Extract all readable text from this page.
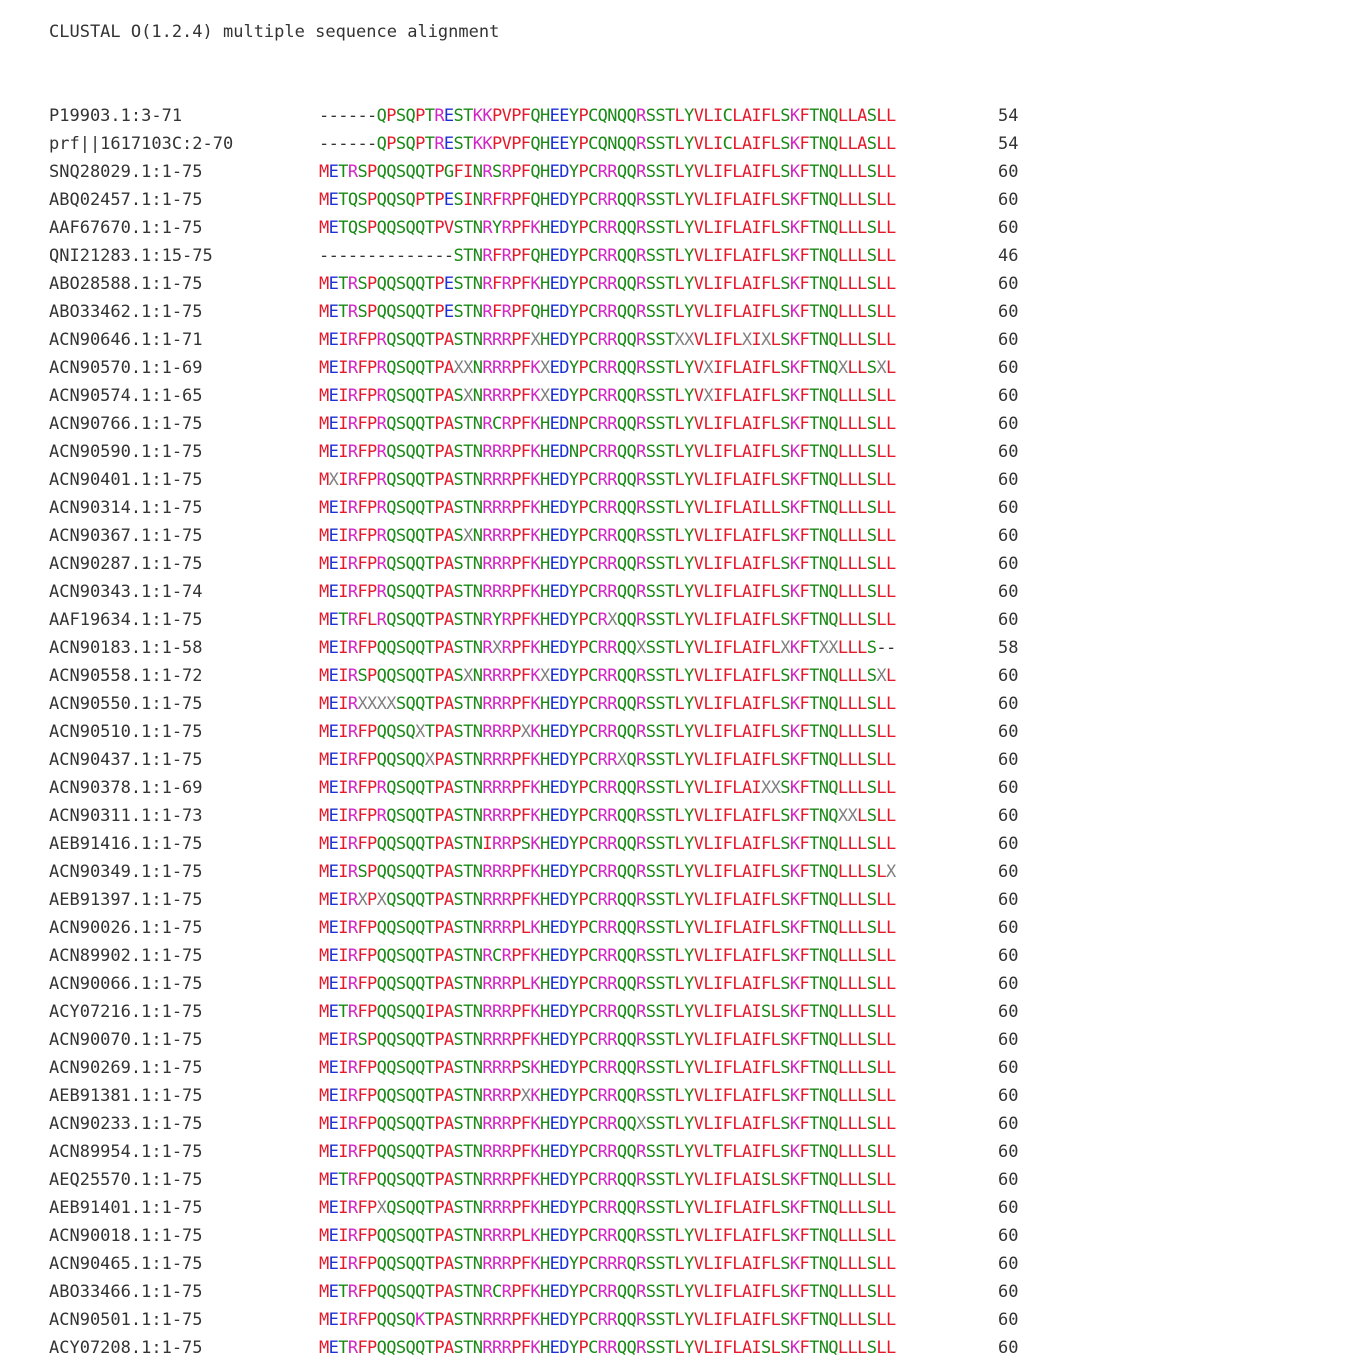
CLUSTAL O(1.2.4) multiple sequence alignment
P19903.1:3-71	------QPSQPTRESTKKPVPFQHEEYPCQNQQRSSTLYVLICLAIFLSKFTNQLLASLL	54
prf||1617103C:2-70	------QPSQPTRESTKKPVPFQHEEYPCQNQQRSSTLYVLICLAIFLSKFTNQLLASLL	54
SNQ28029.1:1-75	METRSPQQSQQTPGFINRSRPFQHEDYPCRRQQRSSTLYVLIFLAIFLSKFTNQLLLSLL	60
ABQ02457.1:1-75	METQSPQQSQPTPESINRFRPFQHEDYPCRRQQRSSTLYVLIFLAIFLSKFTNQLLLSLL	60
AAF67670.1:1-75	METQSPQQSQQTPVSTNRYRPFKHEDYPCRRQQRSSTLYVLIFLAIFLSKFTNQLLLSLL	60
QNI21283.1:15-75	--------------STNRFRPFQHEDYPCRRQQRSSTLYVLIFLAIFLSKFTNQLLLSLL	46
ABO28588.1:1-75	METRSPQQSQQTPESTNRFRPFKHEDYPCRRQQRSSTLYVLIFLAIFLSKFTNQLLLSLL	60
ABO33462.1:1-75	METRSPQQSQQTPESTNRFRPFQHEDYPCRRQQRSSTLYVLIFLAIFLSKFTNQLLLSLL	60
ACN90646.1:1-71	MEIRFPRQSQQTPASTNRRRPFXHEDYPCRRQQRSSTXXVLIFLXIXLSKFTNQLLLSLL	60
ACN90570.1:1-69	MEIRFPRQSQQTPAXXNRRRPFKXEDYPCRRQQRSSTLYVXIFLAIFLSKFTNQXLLSXL	60
ACN90574.1:1-65	MEIRFPRQSQQTPASXNRRRPFKXEDYPCRRQQRSSTLYVXIFLAIFLSKFTNQLLLSLL	60
ACN90766.1:1-75	MEIRFPRQSQQTPASTNRCRPFKHEDNPCRRQQRSSTLYVLIFLAIFLSKFTNQLLLSLL	60
ACN90590.1:1-75	MEIRFPRQSQQTPASTNRRRPFKHEDNPCRRQQRSSTLYVLIFLAIFLSKFTNQLLLSLL	60
ACN90401.1:1-75	MXIRFPRQSQQTPASTNRRRPFKHEDYPCRRQQRSSTLYVLIFLAIFLSKFTNQLLLSLL	60
ACN90314.1:1-75	MEIRFPRQSQQTPASTNRRRPFKHEDYPCRRQQRSSTLYVLIFLAILLSKFTNQLLLSLL	60
ACN90367.1:1-75	MEIRFPRQSQQTPASXNRRRPFKHEDYPCRRQQRSSTLYVLIFLAIFLSKFTNQLLLSLL	60
ACN90287.1:1-75	MEIRFPRQSQQTPASTNRRRPFKHEDYPCRRQQRSSTLYVLIFLAIFLSKFTNQLLLSLL	60
ACN90343.1:1-74	MEIRFPRQSQQTPASTNRRRPFKHEDYPCRRQQRSSTLYVLIFLAIFLSKFTNQLLLSLL	60
AAF19634.1:1-75	METRFLRQSQQTPASTNRYRPFKHEDYPCRXQQRSSTLYVLIFLAIFLSKFTNQLLLSLL	60
ACN90183.1:1-58	MEIRFPQQSQQTPASTNRXRPFKHEDYPCRRQQXSSTLYVLIFLAIFLXKFTXXLLLS--	58
ACN90558.1:1-72	MEIRSPQQSQQTPASXNRRRPFKXEDYPCRRQQRSSTLYVLIFLAIFLSKFTNQLLLSXL	60
ACN90550.1:1-75	MEIRXXXXSQQTPASTNRRRPFKHEDYPCRRQQRSSTLYVLIFLAIFLSKFTNQLLLSLL	60
ACN90510.1:1-75	MEIRFPQQSQXTPASTNRRRPXKHEDYPCRRQQRSSTLYVLIFLAIFLSKFTNQLLLSLL	60
ACN90437.1:1-75	MEIRFPQQSQQXPASTNRRRPFKHEDYPCRRXQRSSTLYVLIFLAIFLSKFTNQLLLSLL	60
ACN90378.1:1-69	MEIRFPRQSQQTPASTNRRRPFKHEDYPCRRQQRSSTLYVLIFLAIXXSKFTNQLLLSLL	60
ACN90311.1:1-73	MEIRFPRQSQQTPASTNRRRPFKHEDYPCRRQQRSSTLYVLIFLAIFLSKFTNQXXLSLL	60
AEB91416.1:1-75	MEIRFPQQSQQTPASTNIRRPSKHEDYPCRRQQRSSTLYVLIFLAIFLSKFTNQLLLSLL	60
ACN90349.1:1-75	MEIRSPQQSQQTPASTNRRRPFKHEDYPCRRQQRSSTLYVLIFLAIFLSKFTNQLLLSLX	60
AEB91397.1:1-75	MEIRXPXQSQQTPASTNRRRPFKHEDYPCRRQQRSSTLYVLIFLAIFLSKFTNQLLLSLL	60
ACN90026.1:1-75	MEIRFPQQSQQTPASTNRRRPLKHEDYPCRRQQRSSTLYVLIFLAIFLSKFTNQLLLSLL	60
ACN89902.1:1-75	MEIRFPQQSQQTPASTNRCRPFKHEDYPCRRQQRSSTLYVLIFLAIFLSKFTNQLLLSLL	60
ACN90066.1:1-75	MEIRFPQQSQQTPASTNRRRPLKHEDYPCRRQQRSSTLYVLIFLAIFLSKFTNQLLLSLL	60
ACY07216.1:1-75	METRFPQQSQQIPASTNRRRPFKHEDYPCRRQQRSSTLYVLIFLAISLSKFTNQLLLSLL	60
ACN90070.1:1-75	MEIRSPQQSQQTPASTNRRRPFKHEDYPCRRQQRSSTLYVLIFLAIFLSKFTNQLLLSLL	60
ACN90269.1:1-75	MEIRFPQQSQQTPASTNRRRPSKHEDYPCRRQQRSSTLYVLIFLAIFLSKFTNQLLLSLL	60
AEB91381.1:1-75	MEIRFPQQSQQTPASTNRRRPXKHEDYPCRRQQRSSTLYVLIFLAIFLSKFTNQLLLSLL	60
ACN90233.1:1-75	MEIRFPQQSQQTPASTNRRRPFKHEDYPCRRQQXSSTLYVLIFLAIFLSKFTNQLLLSLL	60
ACN89954.1:1-75	MEIRFPQQSQQTPASTNRRRPFKHEDYPCRRQQRSSTLYVLTFLAIFLSKFTNQLLLSLL	60
AEQ25570.1:1-75	METRFPQQSQQTPASTNRRRPFKHEDYPCRRQQRSSTLYVLIFLAISLSKFTNQLLLSLL	60
AEB91401.1:1-75	MEIRFPXQSQQTPASTNRRRPFKHEDYPCRRQQRSSTLYVLIFLAIFLSKFTNQLLLSLL	60
ACN90018.1:1-75	MEIRFPQQSQQTPASTNRRRPLKHEDYPCRRQQRSSTLYVLIFLAIFLSKFTNQLLLSLL	60
ACN90465.1:1-75	MEIRFPQQSQQTPASTNRRRPFKHEDYPCRRRQRSSTLYVLIFLAIFLSKFTNQLLLSLL	60
ABO33466.1:1-75	METRFPQQSQQTPASTNRCRPFKHEDYPCRRQQRSSTLYVLIFLAIFLSKFTNQLLLSLL	60
ACN90501.1:1-75	MEIRFPQQSQKTPASTNRRRPFKHEDYPCRRQQRSSTLYVLIFLAIFLSKFTNQLLLSLL	60
ACY07208.1:1-75	METRFPQQSQQTPASTNRRRPFKHEDYPCRRQQRSSTLYVLIFLAISLSKFTNQLLLSLL	60
